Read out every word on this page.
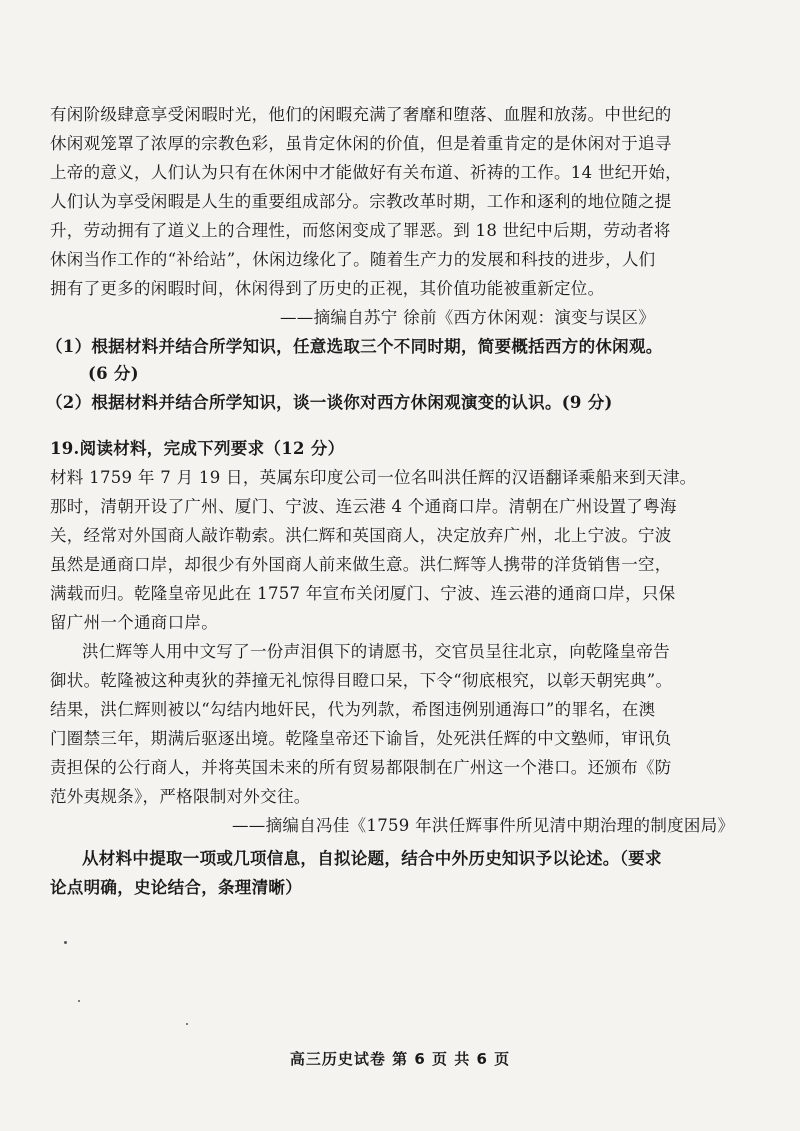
有闲阶级肆意享受闲暇时光，他们的闲暇充满了奢靡和堕落、血腥和放荡。中世纪的
休闲观笼罩了浓厚的宗教色彩，虽肯定休闲的价值，但是着重肯定的是休闲对于追寻
上帝的意义，人们认为只有在休闲中才能做好有关布道、祈祷的工作。14 世纪开始，
人们认为享受闲暇是人生的重要组成部分。宗教改革时期，工作和逐利的地位随之提
升，劳动拥有了道义上的合理性，而悠闲变成了罪恶。到 18 世纪中后期，劳动者将
休闲当作工作的“补给站”，休闲边缘化了。随着生产力的发展和科技的进步，人们
拥有了更多的闲暇时间，休闲得到了历史的正视，其价值功能被重新定位。
——摘编自苏宁 徐前《西方休闲观：演变与误区》
（1）根据材料并结合所学知识，任意选取三个不同时期，简要概括西方的休闲观。
(6 分)
（2）根据材料并结合所学知识，谈一谈你对西方休闲观演变的认识。(9 分)
19.阅读材料，完成下列要求（12 分）
材料 1759 年 7 月 19 日，英属东印度公司一位名叫洪任辉的汉语翻译乘船来到天津。
那时，清朝开设了广州、厦门、宁波、连云港 4 个通商口岸。清朝在广州设置了粤海
关，经常对外国商人敲诈勒索。洪仁辉和英国商人，决定放弃广州，北上宁波。宁波
虽然是通商口岸，却很少有外国商人前来做生意。洪仁辉等人携带的洋货销售一空，
满载而归。乾隆皇帝见此在 1757 年宣布关闭厦门、宁波、连云港的通商口岸，只保
留广州一个通商口岸。
洪仁辉等人用中文写了一份声泪俱下的请愿书，交官员呈往北京，向乾隆皇帝告
御状。乾隆被这种夷狄的莽撞无礼惊得目瞪口呆，下令“彻底根究，以彰天朝宪典”。
结果，洪仁辉则被以“勾结内地奸民，代为列款，希图违例别通海口”的罪名，在澳
门圈禁三年，期满后驱逐出境。乾隆皇帝还下谕旨，处死洪任辉的中文塾师，审讯负
责担保的公行商人，并将英国未来的所有贸易都限制在广州这一个港口。还颁布《防
范外夷规条》，严格限制对外交往。
——摘编自冯佳《1759 年洪任辉事件所见清中期治理的制度困局》
从材料中提取一项或几项信息，自拟论题，结合中外历史知识予以论述。（要求
论点明确，史论结合，条理清晰）
高三历史试卷 第 6 页 共 6 页
